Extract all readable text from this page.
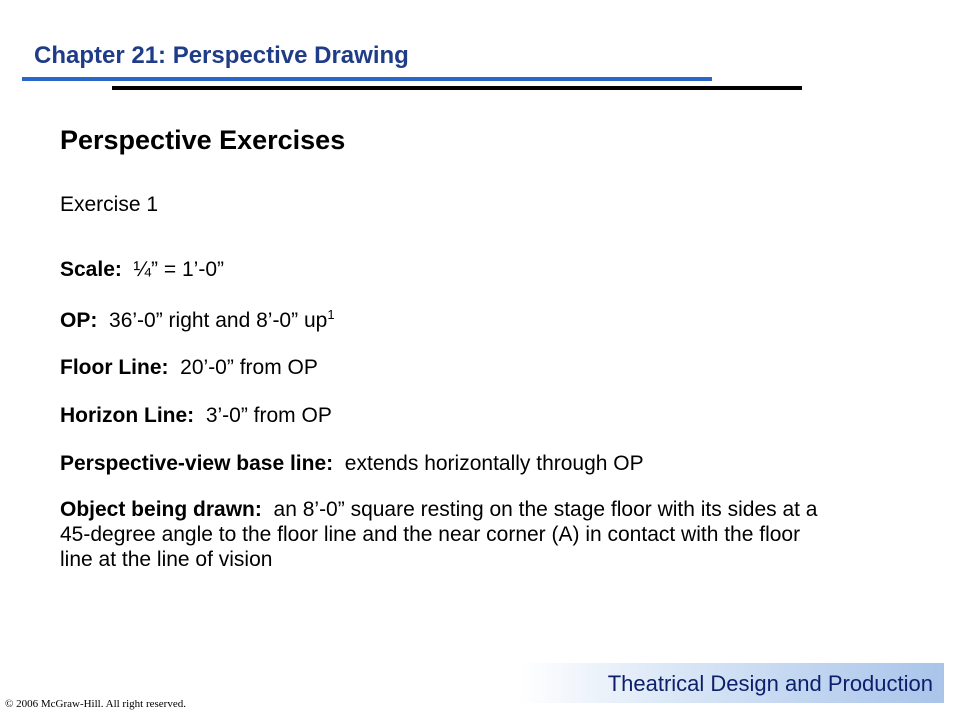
Chapter 21: Perspective Drawing
Perspective Exercises
Exercise 1
Scale:  ¼” = 1’-0”
OP:  36’-0” right and 8’-0” $up^1$
Floor Line:  20’-0” from OP
Horizon Line:  3’-0” from OP
Perspective-view base line:  extends horizontally through OP
Object being drawn:  an 8’-0” square resting on the stage floor with its sides at a 45-degree angle to the floor line and the near corner (A) in contact with the floor line at the line of vision
Theatrical Design and Production
© 2006 McGraw-Hill. All right reserved.
